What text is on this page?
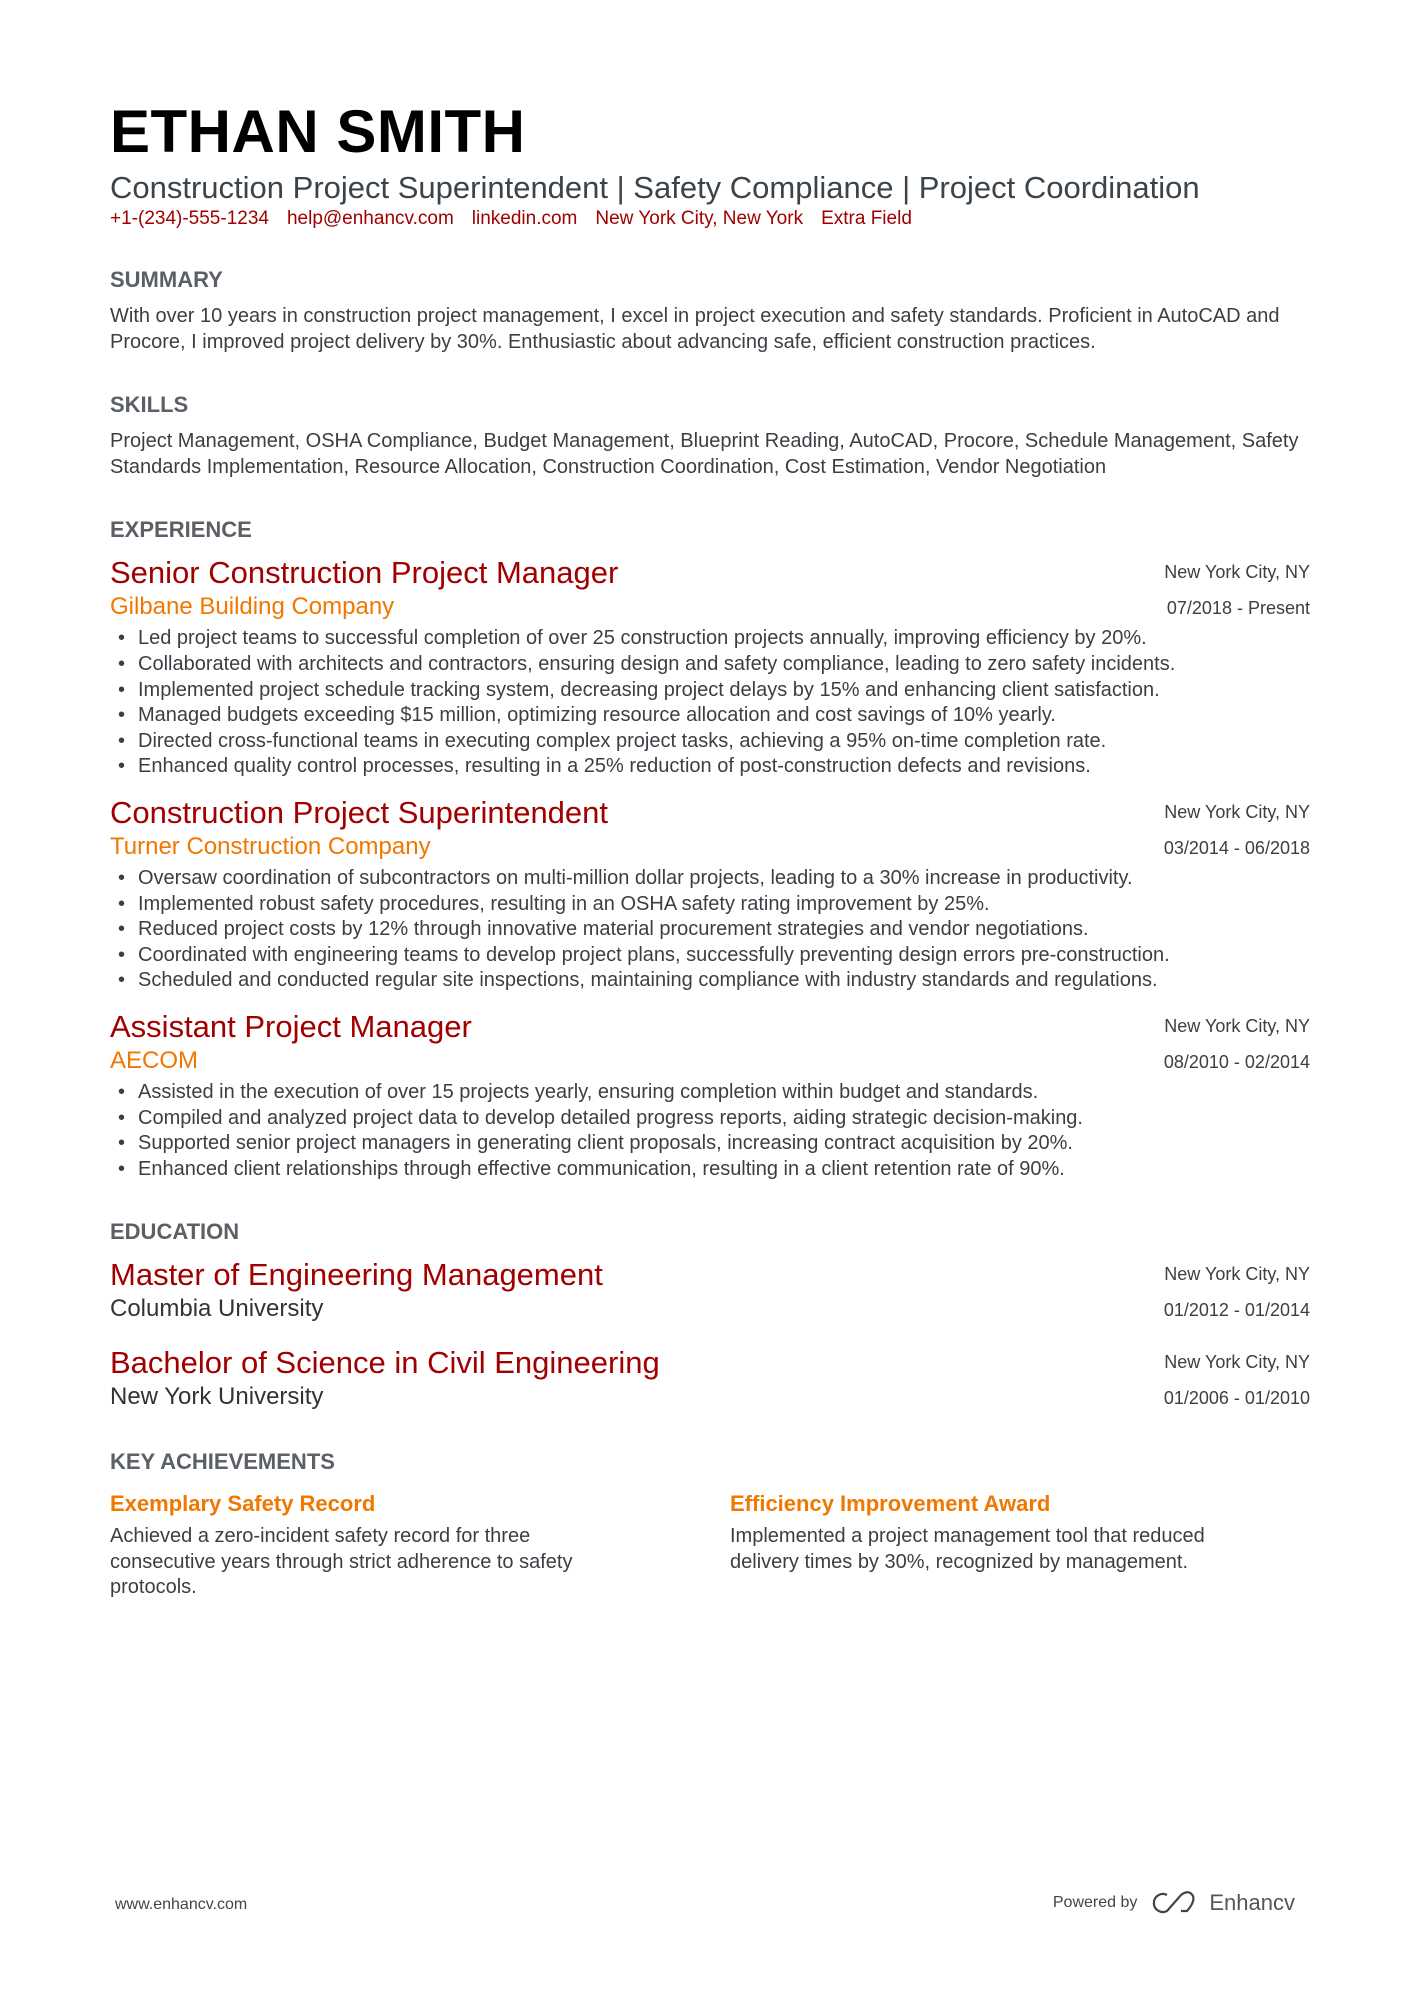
ETHAN SMITH
Construction Project Superintendent | Safety Compliance | Project Coordination
+1-(234)-555-1234 help@enhancv.com linkedin.com New York City, New York Extra Field
SUMMARY
With over 10 years in construction project management, I excel in project execution and safety standards. Proficient in AutoCAD and Procore, I improved project delivery by 30%. Enthusiastic about advancing safe, efficient construction practices.
SKILLS
Project Management, OSHA Compliance, Budget Management, Blueprint Reading, AutoCAD, Procore, Schedule Management, Safety Standards Implementation, Resource Allocation, Construction Coordination, Cost Estimation, Vendor Negotiation
EXPERIENCE
Senior Construction Project Manager
Gilbane Building Company
New York City, NY
07/2018 - Present
• Led project teams to successful completion of over 25 construction projects annually, improving efficiency by 20%.
• Collaborated with architects and contractors, ensuring design and safety compliance, leading to zero safety incidents.
• Implemented project schedule tracking system, decreasing project delays by 15% and enhancing client satisfaction.
• Managed budgets exceeding $15 million, optimizing resource allocation and cost savings of 10% yearly.
• Directed cross-functional teams in executing complex project tasks, achieving a 95% on-time completion rate.
• Enhanced quality control processes, resulting in a 25% reduction of post-construction defects and revisions.
Construction Project Superintendent
Turner Construction Company
New York City, NY
03/2014 - 06/2018
• Oversaw coordination of subcontractors on multi-million dollar projects, leading to a 30% increase in productivity.
• Implemented robust safety procedures, resulting in an OSHA safety rating improvement by 25%.
• Reduced project costs by 12% through innovative material procurement strategies and vendor negotiations.
• Coordinated with engineering teams to develop project plans, successfully preventing design errors pre-construction.
• Scheduled and conducted regular site inspections, maintaining compliance with industry standards and regulations.
Assistant Project Manager
AECOM
New York City, NY
08/2010 - 02/2014
• Assisted in the execution of over 15 projects yearly, ensuring completion within budget and standards.
• Compiled and analyzed project data to develop detailed progress reports, aiding strategic decision-making.
• Supported senior project managers in generating client proposals, increasing contract acquisition by 20%.
• Enhanced client relationships through effective communication, resulting in a client retention rate of 90%.
EDUCATION
Master of Engineering Management
Columbia University
New York City, NY
01/2012 - 01/2014
Bachelor of Science in Civil Engineering
New York University
New York City, NY
01/2006 - 01/2010
KEY ACHIEVEMENTS
Exemplary Safety Record
Achieved a zero-incident safety record for three consecutive years through strict adherence to safety protocols.
Efficiency Improvement Award
Implemented a project management tool that reduced delivery times by 30%, recognized by management.
www.enhancv.com	Powered by	Enhancv
